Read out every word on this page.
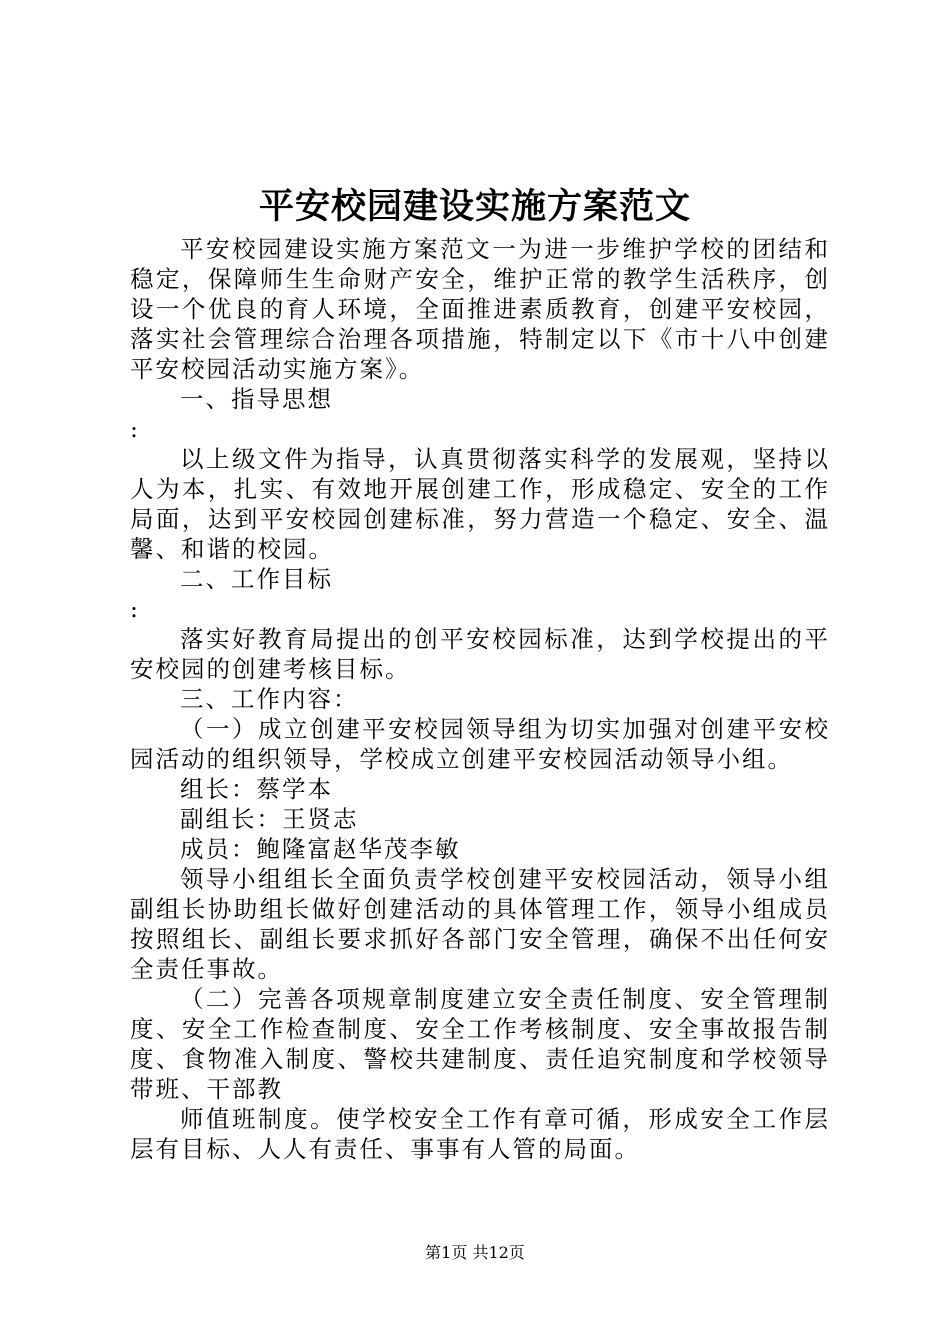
平安校园建设实施方案范文

平安校园建设实施方案范文一为进一步维护学校的团结和稳定，保障师生生命财产安全，维护正常的教学生活秩序，创设一个优良的育人环境，全面推进素质教育，创建平安校园，落实社会管理综合治理各项措施，特制定以下《市十八中创建平安校园活动实施方案》。

一、指导思想

:

以上级文件为指导，认真贯彻落实科学的发展观，坚持以人为本，扎实、有效地开展创建工作，形成稳定、安全的工作局面，达到平安校园创建标准，努力营造一个稳定、安全、温馨、和谐的校园。

二、工作目标

:

落实好教育局提出的创平安校园标准，达到学校提出的平安校园的创建考核目标。

三、工作内容：

（一）成立创建平安校园领导组为切实加强对创建平安校园活动的组织领导，学校成立创建平安校园活动领导小组。

组长：蔡学本

副组长：王贤志

成员：鲍隆富赵华茂李敏

领导小组组长全面负责学校创建平安校园活动，领导小组副组长协助组长做好创建活动的具体管理工作，领导小组成员按照组长、副组长要求抓好各部门安全管理，确保不出任何安全责任事故。

（二）完善各项规章制度建立安全责任制度、安全管理制度、安全工作检查制度、安全工作考核制度、安全事故报告制度、食物准入制度、警校共建制度、责任追究制度和学校领导带班、干部教

师值班制度。使学校安全工作有章可循，形成安全工作层层有目标、人人有责任、事事有人管的局面。

第1页 共12页
